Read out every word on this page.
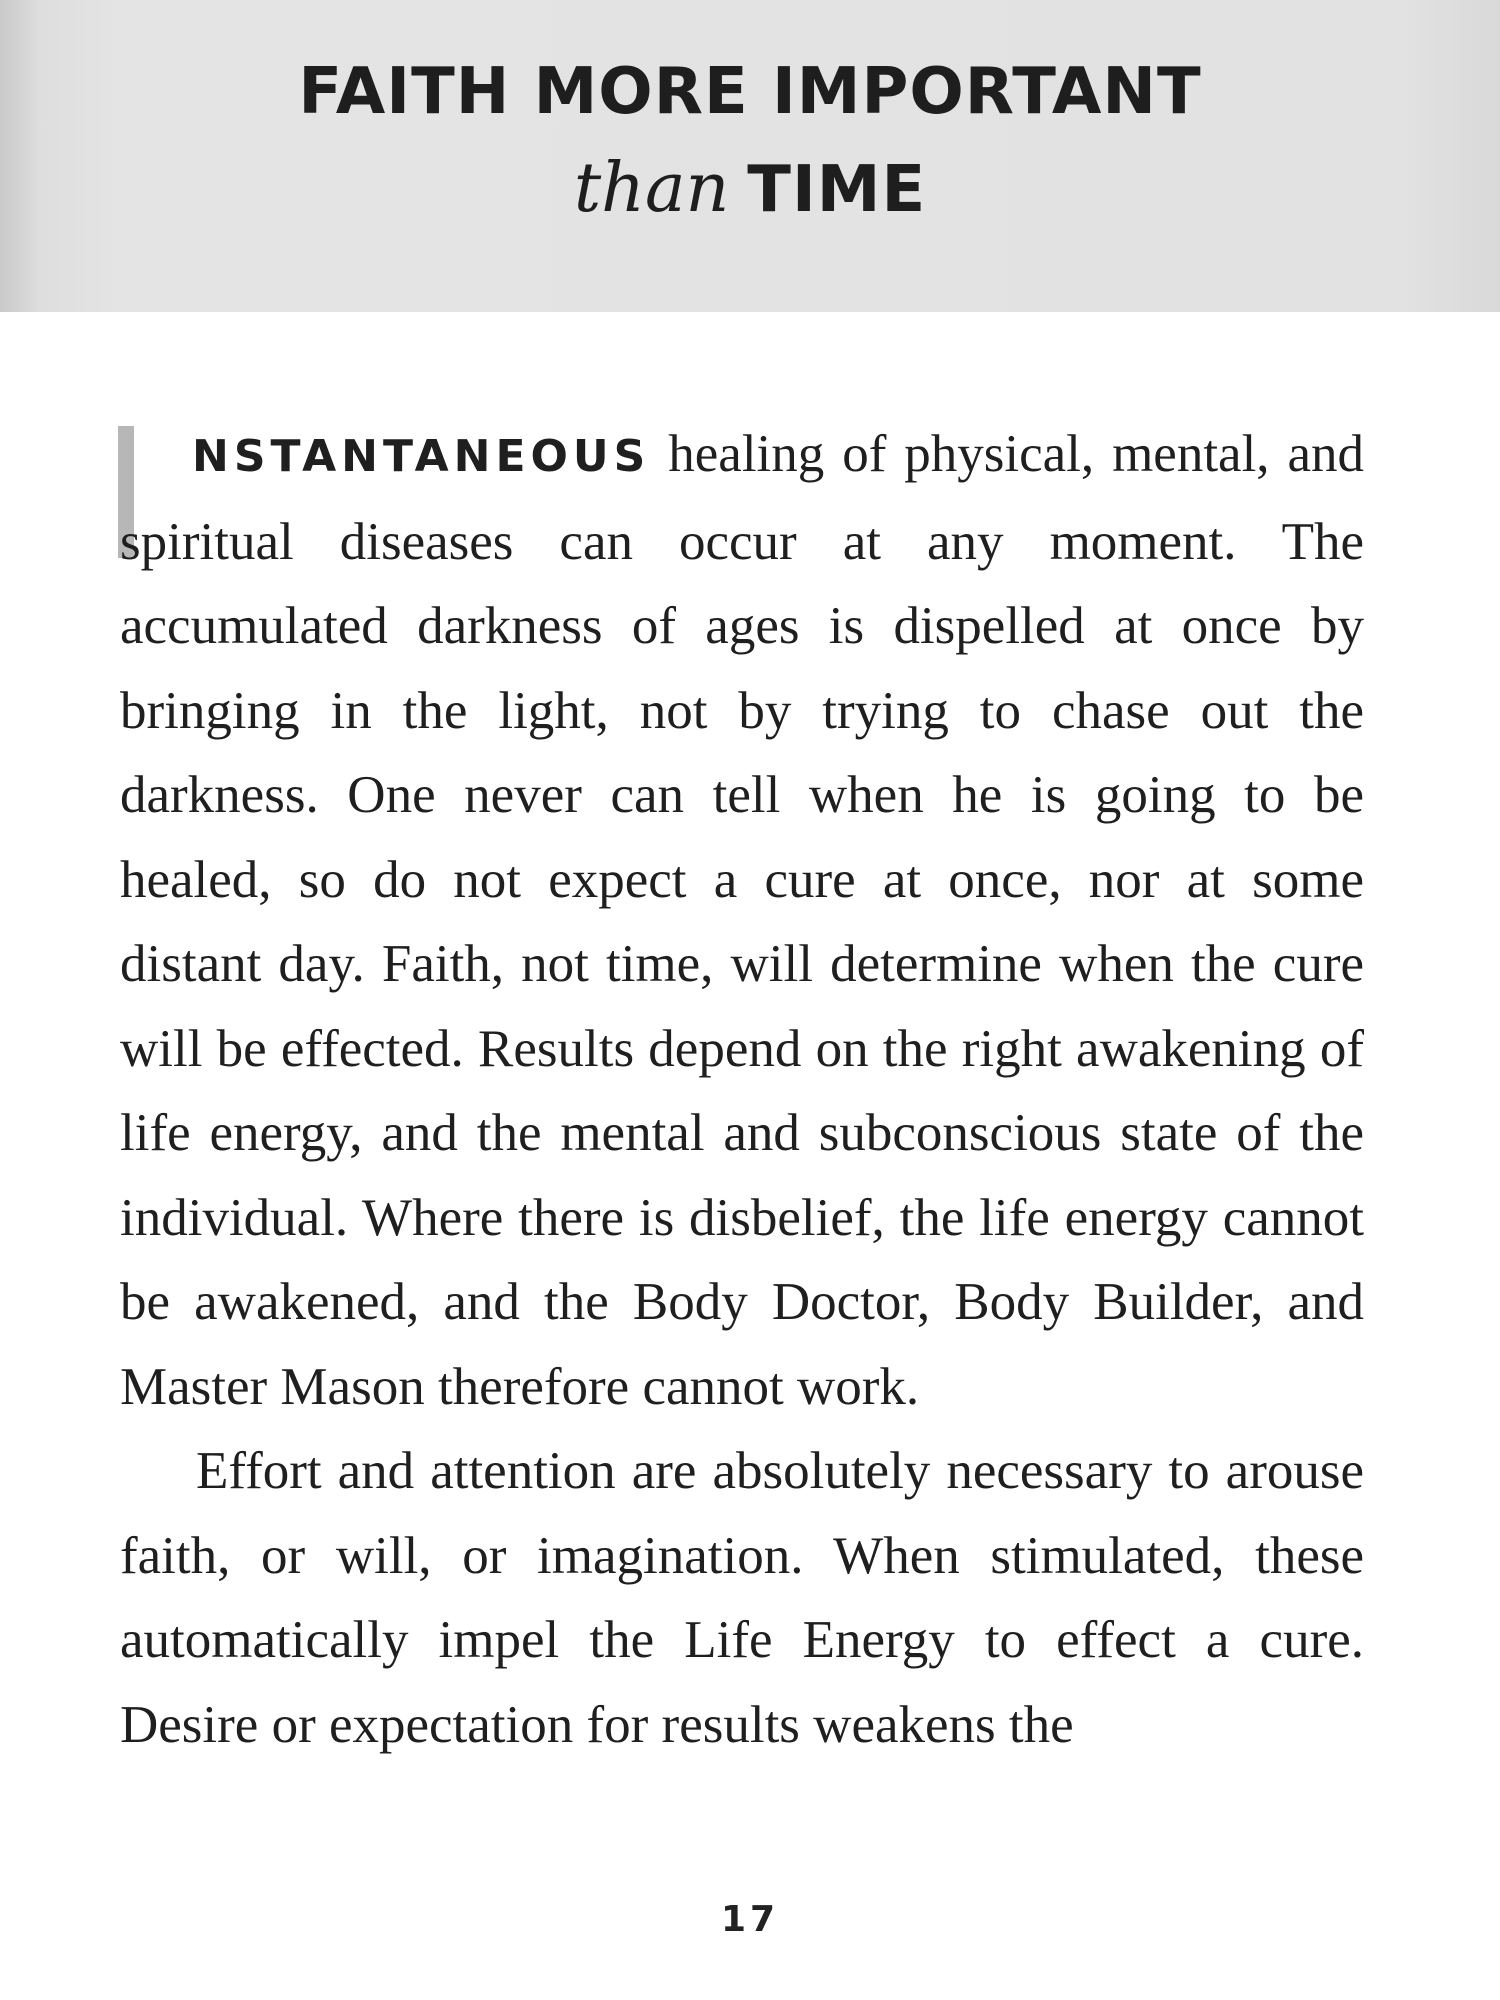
FAITH MORE IMPORTANT
than TIME

NSTANTANEOUS healing of physical, mental, and spiritual diseases can occur at any moment. The accumulated darkness of ages is dispelled at once by bringing in the light, not by trying to chase out the darkness. One never can tell when he is going to be healed, so do not expect a cure at once, nor at some distant day. Faith, not time, will determine when the cure will be effected. Results depend on the right awakening of life energy, and the mental and subconscious state of the individual. Where there is disbelief, the life energy cannot be awakened, and the Body Doctor, Body Builder, and Master Mason therefore cannot work.

Effort and attention are absolutely necessary to arouse faith, or will, or imagination. When stimulated, these automatically impel the Life Energy to effect a cure. Desire or expectation for results weakens the

17
